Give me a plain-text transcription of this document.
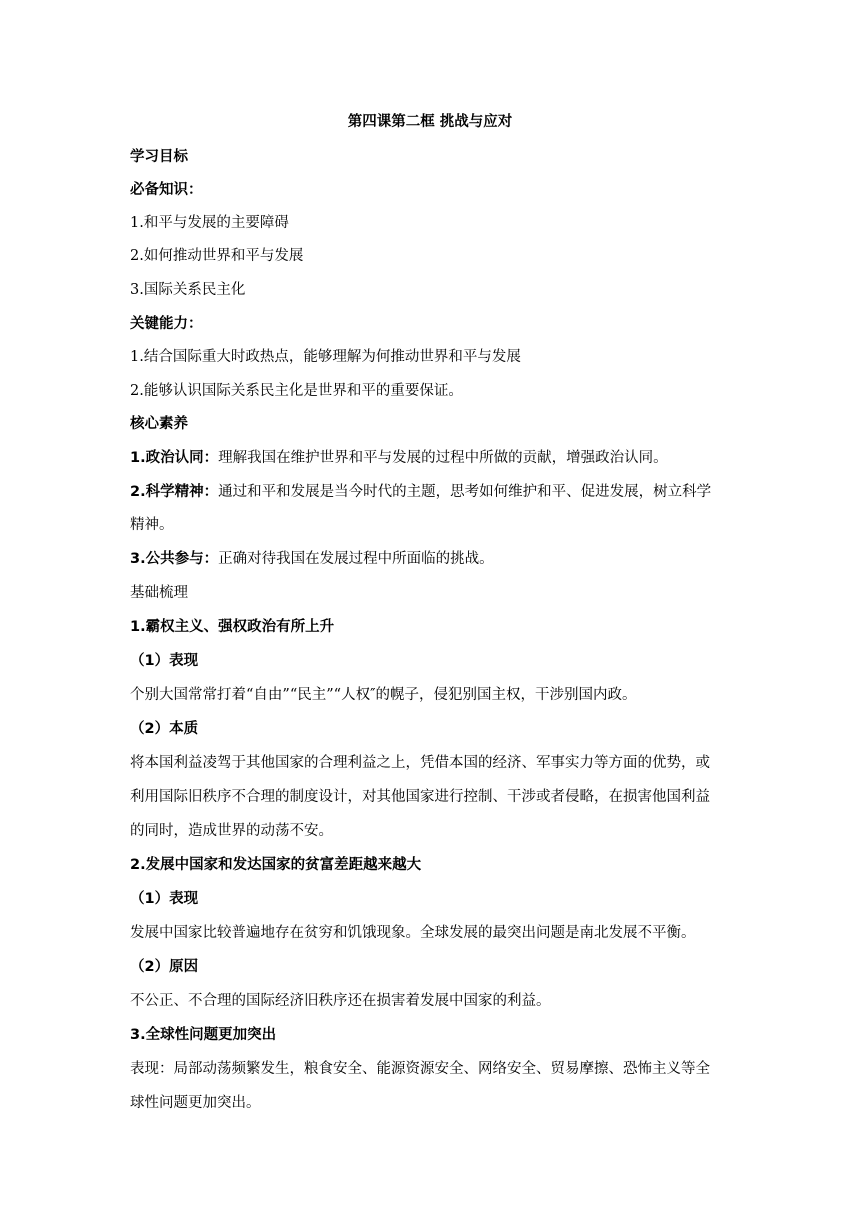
第四课第二框 挑战与应对
学习目标
必备知识：
1.和平与发展的主要障碍
2.如何推动世界和平与发展
3.国际关系民主化
关键能力：
1.结合国际重大时政热点，能够理解为何推动世界和平与发展
2.能够认识国际关系民主化是世界和平的重要保证。
核心素养
1.政治认同：理解我国在维护世界和平与发展的过程中所做的贡献，增强政治认同。
2.科学精神：通过和平和发展是当今时代的主题，思考如何维护和平、促进发展，树立科学
精神。
3.公共参与：正确对待我国在发展过程中所面临的挑战。
基础梳理
1.霸权主义、强权政治有所上升
（1）表现
个别大国常常打着“自由”“民主”“人权″的幌子，侵犯别国主权，干涉别国内政。
（2）本质
将本国利益凌驾于其他国家的合理利益之上，凭借本国的经济、军事实力等方面的优势，或
利用国际旧秩序不合理的制度设计，对其他国家进行控制、干涉或者侵略，在损害他国利益
的同时，造成世界的动荡不安。
2.发展中国家和发达国家的贫富差距越来越大
（1）表现
发展中国家比较普遍地存在贫穷和饥饿现象。全球发展的最突出问题是南北发展不平衡。
（2）原因
不公正、不合理的国际经济旧秩序还在损害着发展中国家的利益。
3.全球性问题更加突出
表现：局部动荡频繁发生，粮食安全、能源资源安全、网络安全、贸易摩擦、恐怖主义等全
球性问题更加突出。
